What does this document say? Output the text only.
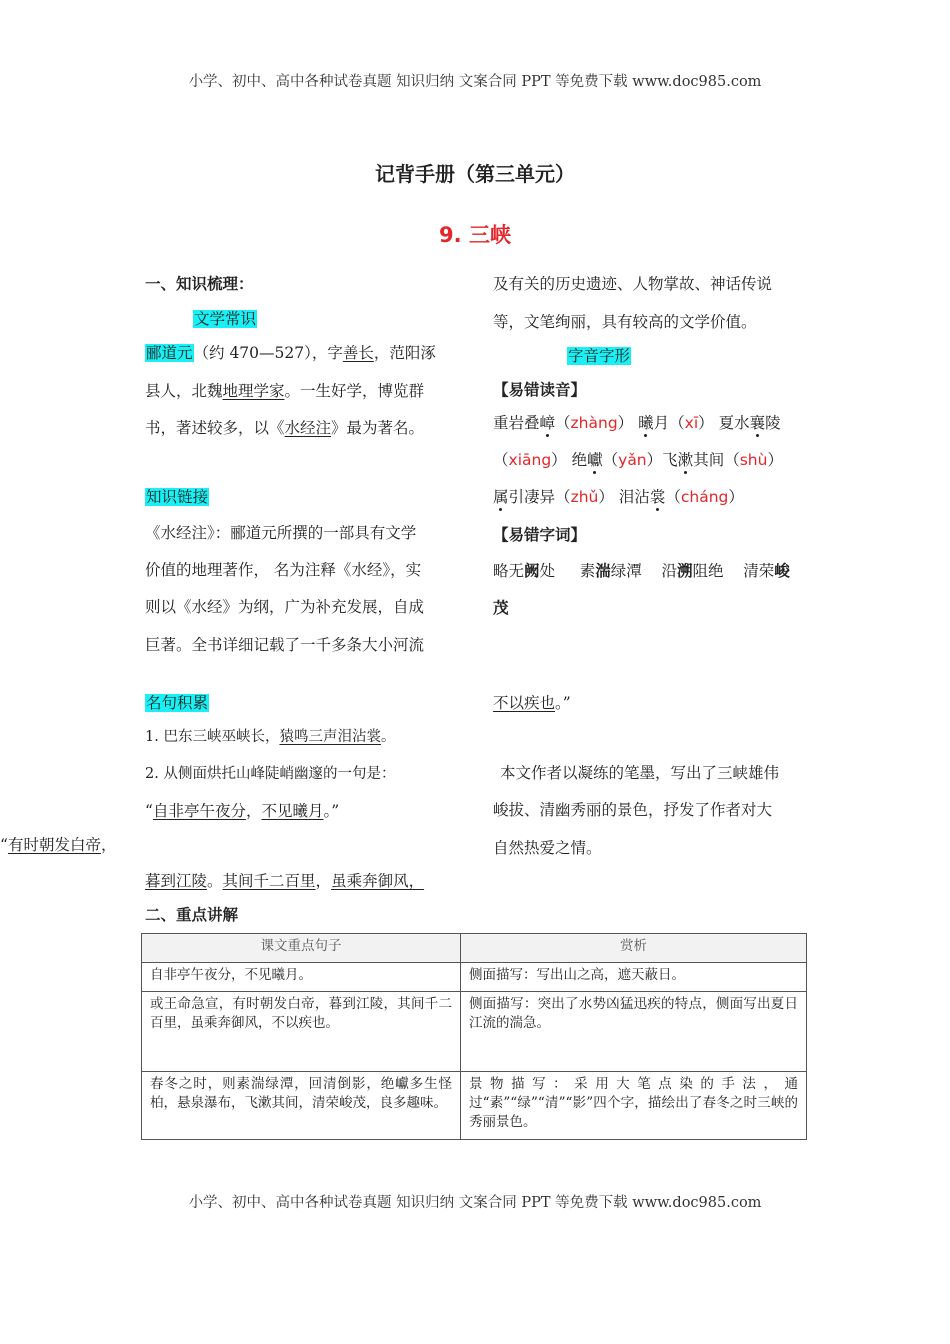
小学、初中、高中各种试卷真题 知识归纳 文案合同 PPT 等免费下载 www.doc985.com
小学、初中、高中各种试卷真题 知识归纳 文案合同 PPT 等免费下载 www.doc985.com
记背手册（第三单元）
9. 三峡
一、知识梳理：
文学常识
郦道元（约 470—527），字善长，范阳涿
县人，北魏地理学家。一生好学，博览群
书，著述较多，以《水经注》最为著名。
知识链接
《水经注》：郦道元所撰的一部具有文学
价值的地理著作， 名为注释《水经》，实
则以《水经》为纲，广为补充发展，自成
巨著。全书详细记载了一千多条大小河流
及有关的历史遗迹、人物掌故、神话传说
等，文笔绚丽，具有较高的文学价值。
字音字形
【易错读音】
重岩叠嶂（zhàng） 曦月（xī） 夏水襄陵
（xiāng） 绝巘（yǎn）飞漱其间（shù）
属引凄异（zhǔ） 泪沾裳（cháng）
【易错字词】
略无阙处 素湍绿潭 沿溯阻绝 清荣峻
茂
名句积累
1. 巴东三峡巫峡长，猿鸣三声泪沾裳。
2. 从侧面烘托山峰陡峭幽邃的一句是：
“自非亭午夜分，不见曦月。”
“有时朝发白帝，
暮到江陵。其间千二百里，虽乘奔御风，
不以疾也。”
本文作者以凝练的笔墨，写出了三峡雄伟
峻拔、清幽秀丽的景色，抒发了作者对大
自然热爱之情。
二、重点讲解
课文重点句子	赏析
自非亭午夜分，不见曦月。	侧面描写：写出山之高，遮天蔽日。
或王命急宣，有时朝发白帝，暮到江陵，其间千二百里，虽乘奔御风，不以疾也。	侧面描写：突出了水势凶猛迅疾的特点，侧面写出夏日江流的湍急。
春冬之时，则素湍绿潭，回清倒影，绝巘多生怪柏，悬泉瀑布，飞漱其间，清荣峻茂，良多趣味。	景物描写：采用大笔点染的手法，通过“素”“绿”“清”“影”四个字，描绘出了春冬之时三峡的秀丽景色。
